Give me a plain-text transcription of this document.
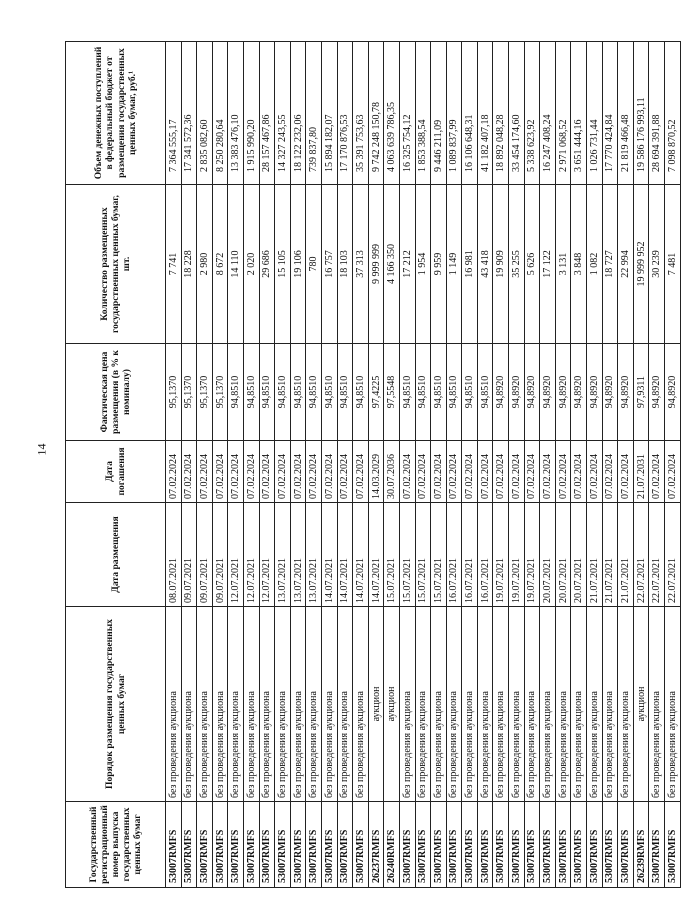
14
Государственный регистрационный номер выпуска государственных ценных бумаг	Порядок размещения государственных ценных бумаг	Дата размещения	Дата погашения	Фактическая цена размещения (в % к номиналу)	Количество размещенных государственных ценных бумаг, шт.	Объем денежных поступлений в федеральный бюджет от размещения государственных ценных бумаг, руб.¹
53007RMFS	без проведения аукциона	08.07.2021	07.02.2024	95,1370	7 741	7 364 555,17
53007RMFS	без проведения аукциона	09.07.2021	07.02.2024	95,1370	18 228	17 341 572,36
53007RMFS	без проведения аукциона	09.07.2021	07.02.2024	95,1370	2 980	2 835 082,60
53007RMFS	без проведения аукциона	09.07.2021	07.02.2024	95,1370	8 672	8 250 280,64
53007RMFS	без проведения аукциона	12.07.2021	07.02.2024	94,8510	14 110	13 383 476,10
53007RMFS	без проведения аукциона	12.07.2021	07.02.2024	94,8510	2 020	1 915 990,20
53007RMFS	без проведения аукциона	12.07.2021	07.02.2024	94,8510	29 686	28 157 467,86
53007RMFS	без проведения аукциона	13.07.2021	07.02.2024	94,8510	15 105	14 327 243,55
53007RMFS	без проведения аукциона	13.07.2021	07.02.2024	94,8510	19 106	18 122 232,06
53007RMFS	без проведения аукциона	13.07.2021	07.02.2024	94,8510	780	739 837,80
53007RMFS	без проведения аукциона	14.07.2021	07.02.2024	94,8510	16 757	15 894 182,07
53007RMFS	без проведения аукциона	14.07.2021	07.02.2024	94,8510	18 103	17 170 876,53
53007RMFS	без проведения аукциона	14.07.2021	07.02.2024	94,8510	37 313	35 391 753,63
26237RMFS	аукцион	14.07.2021	14.03.2029	97,4225	9 999 999	9 742 248 150,78
26240RMFS	аукцион	15.07.2021	30.07.2036	97,5548	4 166 350	4 063 639 786,35
53007RMFS	без проведения аукциона	15.07.2021	07.02.2024	94,8510	17 212	16 325 754,12
53007RMFS	без проведения аукциона	15.07.2021	07.02.2024	94,8510	1 954	1 853 388,54
53007RMFS	без проведения аукциона	15.07.2021	07.02.2024	94,8510	9 959	9 446 211,09
53007RMFS	без проведения аукциона	16.07.2021	07.02.2024	94,8510	1 149	1 089 837,99
53007RMFS	без проведения аукциона	16.07.2021	07.02.2024	94,8510	16 981	16 106 648,31
53007RMFS	без проведения аукциона	16.07.2021	07.02.2024	94,8510	43 418	41 182 407,18
53007RMFS	без проведения аукциона	19.07.2021	07.02.2024	94,8920	19 909	18 892 048,28
53007RMFS	без проведения аукциона	19.07.2021	07.02.2024	94,8920	35 255	33 454 174,60
53007RMFS	без проведения аукциона	19.07.2021	07.02.2024	94,8920	5 626	5 338 623,92
53007RMFS	без проведения аукциона	20.07.2021	07.02.2024	94,8920	17 122	16 247 408,24
53007RMFS	без проведения аукциона	20.07.2021	07.02.2024	94,8920	3 131	2 971 068,52
53007RMFS	без проведения аукциона	20.07.2021	07.02.2024	94,8920	3 848	3 651 444,16
53007RMFS	без проведения аукциона	21.07.2021	07.02.2024	94,8920	1 082	1 026 731,44
53007RMFS	без проведения аукциона	21.07.2021	07.02.2024	94,8920	18 727	17 770 424,84
53007RMFS	без проведения аукциона	21.07.2021	07.02.2024	94,8920	22 994	21 819 466,48
26239RMFS	аукцион	22.07.2021	21.07.2031	97,9311	19 999 952	19 586 176 993,11
53007RMFS	без проведения аукциона	22.07.2021	07.02.2024	94,8920	30 239	28 694 391,88
53007RMFS	без проведения аукциона	22.07.2021	07.02.2024	94,8920	7 481	7 098 870,52
